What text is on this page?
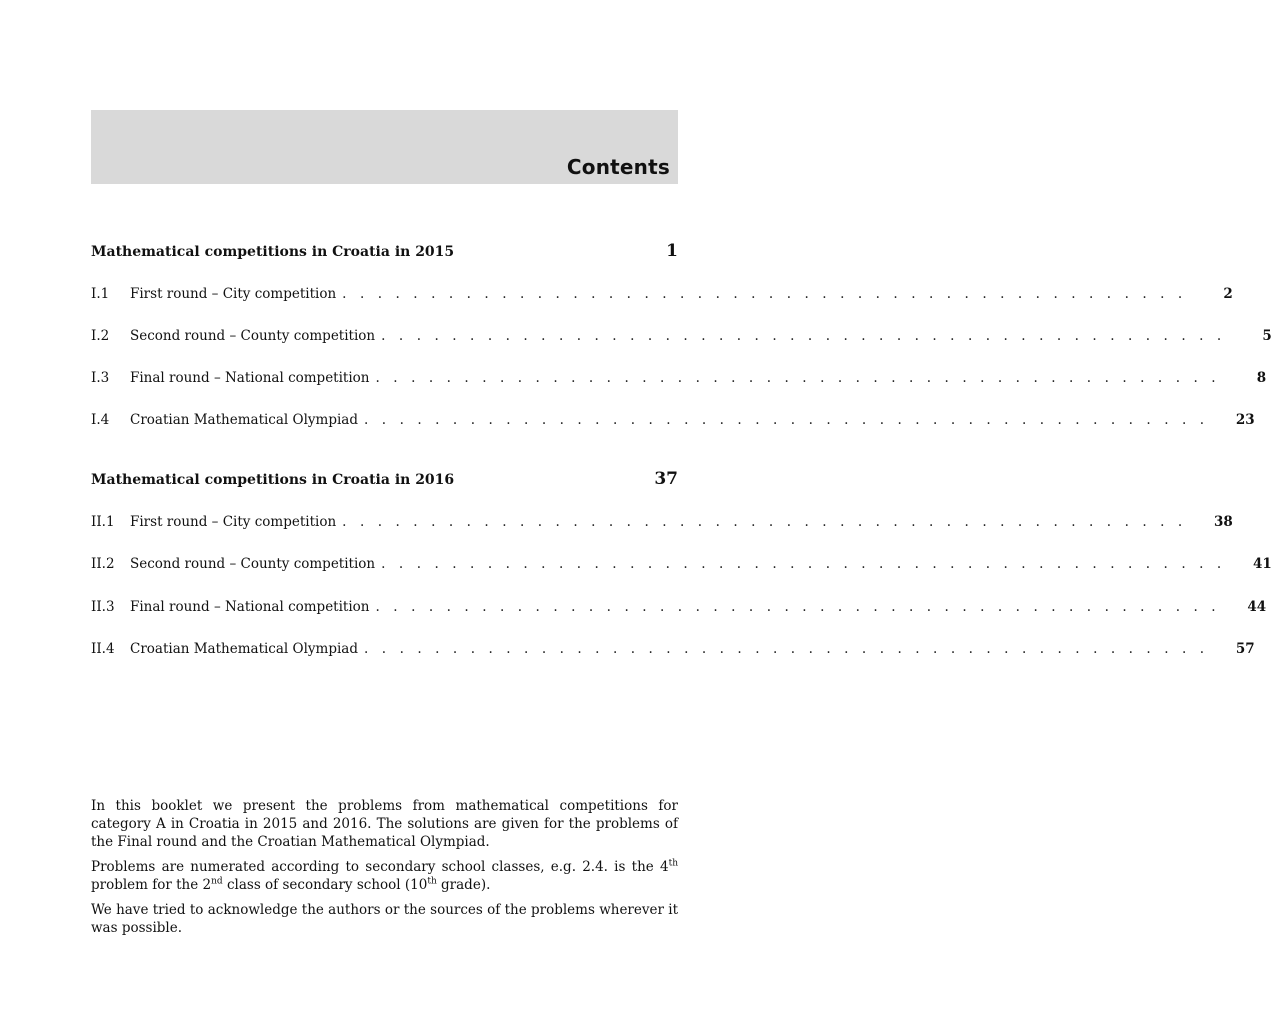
Contents
Mathematical competitions in Croatia in 2015	1
I.1	First round – City competition . . . . . . . . . . . . . . . . . . . . . . . . . . . . . . . . . . . . . . . . . . . . . . . .	2
I.2	Second round – County competition . . . . . . . . . . . . . . . . . . . . . . . . . . . . . . . . . . . . . . . . . . . . . . . .	5
I.3	Final round – National competition . . . . . . . . . . . . . . . . . . . . . . . . . . . . . . . . . . . . . . . . . . . . . . . .	8
I.4	Croatian Mathematical Olympiad . . . . . . . . . . . . . . . . . . . . . . . . . . . . . . . . . . . . . . . . . . . . . . . .	23
Mathematical competitions in Croatia in 2016	37
II.1	First round – City competition . . . . . . . . . . . . . . . . . . . . . . . . . . . . . . . . . . . . . . . . . . . . . . . .	38
II.2	Second round – County competition . . . . . . . . . . . . . . . . . . . . . . . . . . . . . . . . . . . . . . . . . . . . . . . .	41
II.3	Final round – National competition . . . . . . . . . . . . . . . . . . . . . . . . . . . . . . . . . . . . . . . . . . . . . . . .	44
II.4	Croatian Mathematical Olympiad . . . . . . . . . . . . . . . . . . . . . . . . . . . . . . . . . . . . . . . . . . . . . . . .	57

In this booklet we present the problems from mathematical competitions for category A in Croatia in 2015 and 2016. The solutions are given for the problems of the Final round and the Croatian Mathematical Olympiad.

Problems are numerated according to secondary school classes, e.g. 2.4. is the 4th problem for the 2nd class of secondary school (10th grade).

We have tried to acknowledge the authors or the sources of the problems wherever it was possible.
